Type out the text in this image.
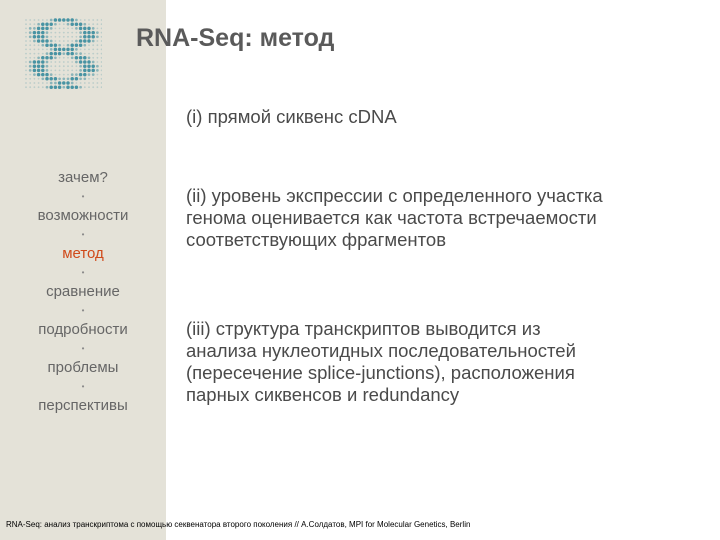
зачем?
•
возможности
•
метод
•
сравнение
•
подробности
•
проблемы
•
перспективы
RNA-Seq: метод
(i) прямой сиквенс cDNA
(ii) уровень экспрессии с определенного участка
генома оценивается как частота встречаемости
соответствующих фрагментов
(iii) структура транскриптов выводится из
анализа нуклеотидных последовательностей
(пересечение splice-junctions), расположения
парных сиквенсов и redundancy
RNA-Seq: анализ транскриптома с помощью секвенатора второго поколения // А.Солдатов, MPI for Molecular Genetics, Berlin
